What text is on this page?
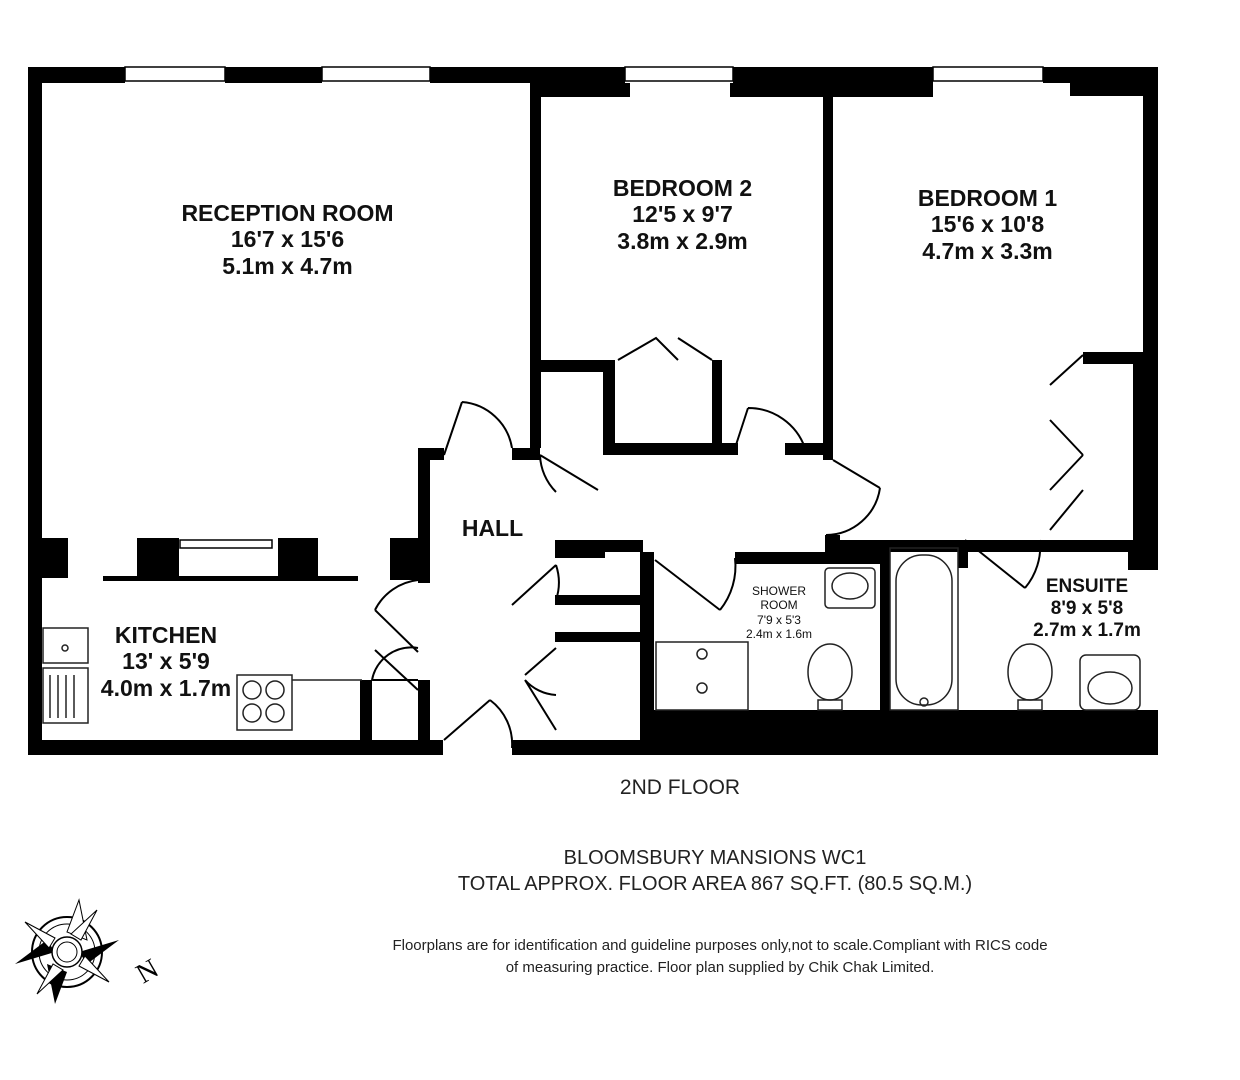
N
RECEPTION ROOM
16'7 x 15'6
5.1m x 4.7m
BEDROOM 2
12'5 x 9'7
3.8m x 2.9m
BEDROOM 1
15'6 x 10'8
4.7m x 3.3m
HALL
KITCHEN
13' x 5'9
4.0m x 1.7m
SHOWER
ROOM
7'9 x 5'3
2.4m x 1.6m
ENSUITE
8'9 x 5'8
2.7m x 1.7m
2ND FLOOR
BLOOMSBURY MANSIONS WC1
TOTAL APPROX. FLOOR AREA 867 SQ.FT. (80.5 SQ.M.)
Floorplans are for identification and guideline purposes only,not to scale.Compliant with RICS code
of measuring practice. Floor plan supplied by Chik Chak Limited.
